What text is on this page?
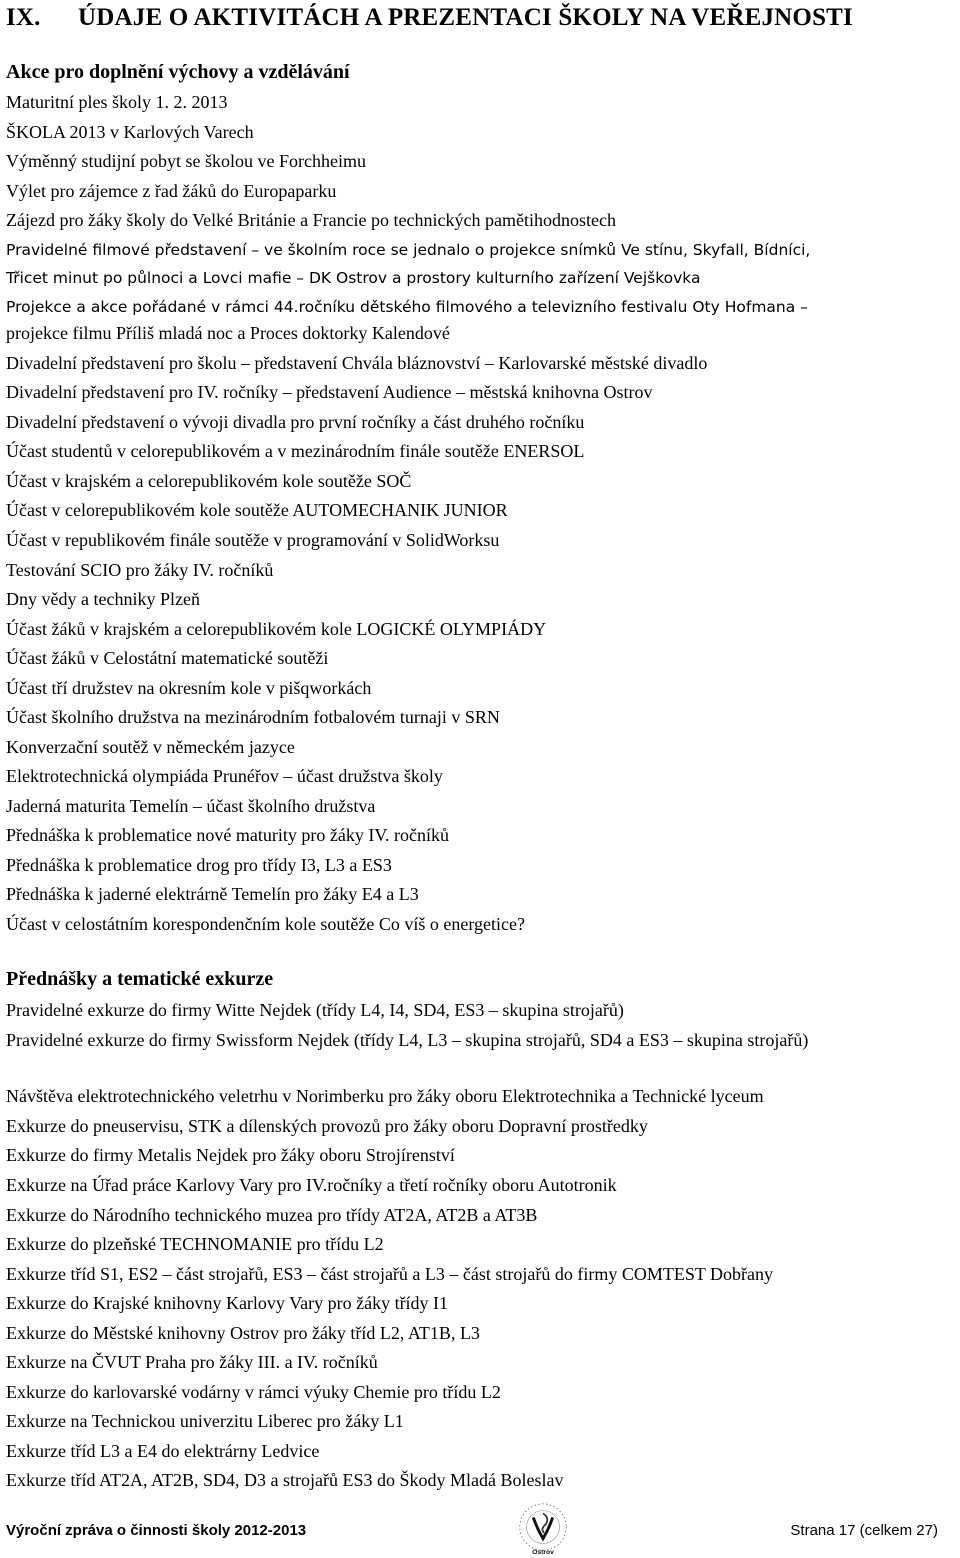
IX. ÚDAJE O AKTIVITÁCH A PREZENTACI ŠKOLY NA VEŘEJNOSTI
Akce pro doplnění výchovy a vzdělávání

Maturitní ples školy 1. 2. 2013

ŠKOLA 2013 v Karlových Varech

Výměnný studijní pobyt se školou ve Forchheimu

Výlet pro zájemce z řad žáků do Europaparku

Zájezd pro žáky školy do Velké Británie a Francie po technických pamětihodnostech

Pravidelné filmové představení – ve školním roce se jednalo o projekce snímků Ve stínu, Skyfall, Bídníci,

Třicet minut po půlnoci a Lovci mafie – DK Ostrov a prostory kulturního zařízení Vejškovka

Projekce a akce pořádané v rámci 44.ročníku dětského filmového a televizního festivalu Oty Hofmana –

projekce filmu Příliš mladá noc a Proces doktorky Kalendové

Divadelní představení pro školu – představení Chvála bláznovství – Karlovarské městské divadlo

Divadelní představení pro IV. ročníky – představení Audience – městská knihovna Ostrov

Divadelní představení o vývoji divadla pro první ročníky a část druhého ročníku

Účast studentů v celorepublikovém a v mezinárodním finále soutěže ENERSOL

Účast v krajském a celorepublikovém kole soutěže SOČ

Účast v celorepublikovém kole soutěže AUTOMECHANIK JUNIOR

Účast v republikovém finále soutěže v programování v SolidWorksu

Testování SCIO pro žáky IV. ročníků

Dny vědy a techniky Plzeň

Účast žáků v krajském a celorepublikovém kole LOGICKÉ OLYMPIÁDY

Účast žáků v Celostátní matematické soutěži

Účast tří družstev na okresním kole v pišqworkách

Účast školního družstva na mezinárodním fotbalovém turnaji v SRN

Konverzační soutěž v německém jazyce

Elektrotechnická olympiáda Prunéřov – účast družstva školy

Jaderná maturita Temelín – účast školního družstva

Přednáška k problematice nové maturity pro žáky IV. ročníků

Přednáška k problematice drog pro třídy I3, L3 a ES3

Přednáška k jaderné elektrárně Temelín pro žáky E4 a L3

Účast v celostátním korespondenčním kole soutěže Co víš o energetice?

Přednášky a tematické exkurze

Pravidelné exkurze do firmy Witte Nejdek (třídy L4, I4, SD4, ES3 – skupina strojařů)

Pravidelné exkurze do firmy Swissform Nejdek (třídy L4, L3 – skupina strojařů, SD4 a ES3 – skupina strojařů)

Návštěva elektrotechnického veletrhu v Norimberku pro žáky oboru Elektrotechnika a Technické lyceum

Exkurze do pneuservisu, STK a dílenských provozů pro žáky oboru Dopravní prostředky

Exkurze do firmy Metalis Nejdek pro žáky oboru Strojírenství

Exkurze na Úřad práce Karlovy Vary pro IV.ročníky a třetí ročníky oboru Autotronik

Exkurze do Národního technického muzea pro třídy AT2A, AT2B a AT3B

Exkurze do plzeňské TECHNOMANIE pro třídu L2

Exkurze tříd S1, ES2 – část strojařů, ES3 – část strojařů a L3 – část strojařů do firmy COMTEST Dobřany

Exkurze do Krajské knihovny Karlovy Vary pro žáky třídy I1

Exkurze do Městské knihovny Ostrov pro žáky tříd L2, AT1B, L3

Exkurze na ČVUT Praha pro žáky III. a IV. ročníků

Exkurze do karlovarské vodárny v rámci výuky Chemie pro třídu L2

Exkurze na Technickou univerzitu Liberec pro žáky L1

Exkurze tříd L3 a E4 do elektrárny Ledvice

Exkurze tříd AT2A, AT2B, SD4, D3 a strojařů ES3 do Škody Mladá Boleslav

Výroční zpráva o činnosti školy 2012-2013
Ostrov
Strana 17 (celkem 27)
